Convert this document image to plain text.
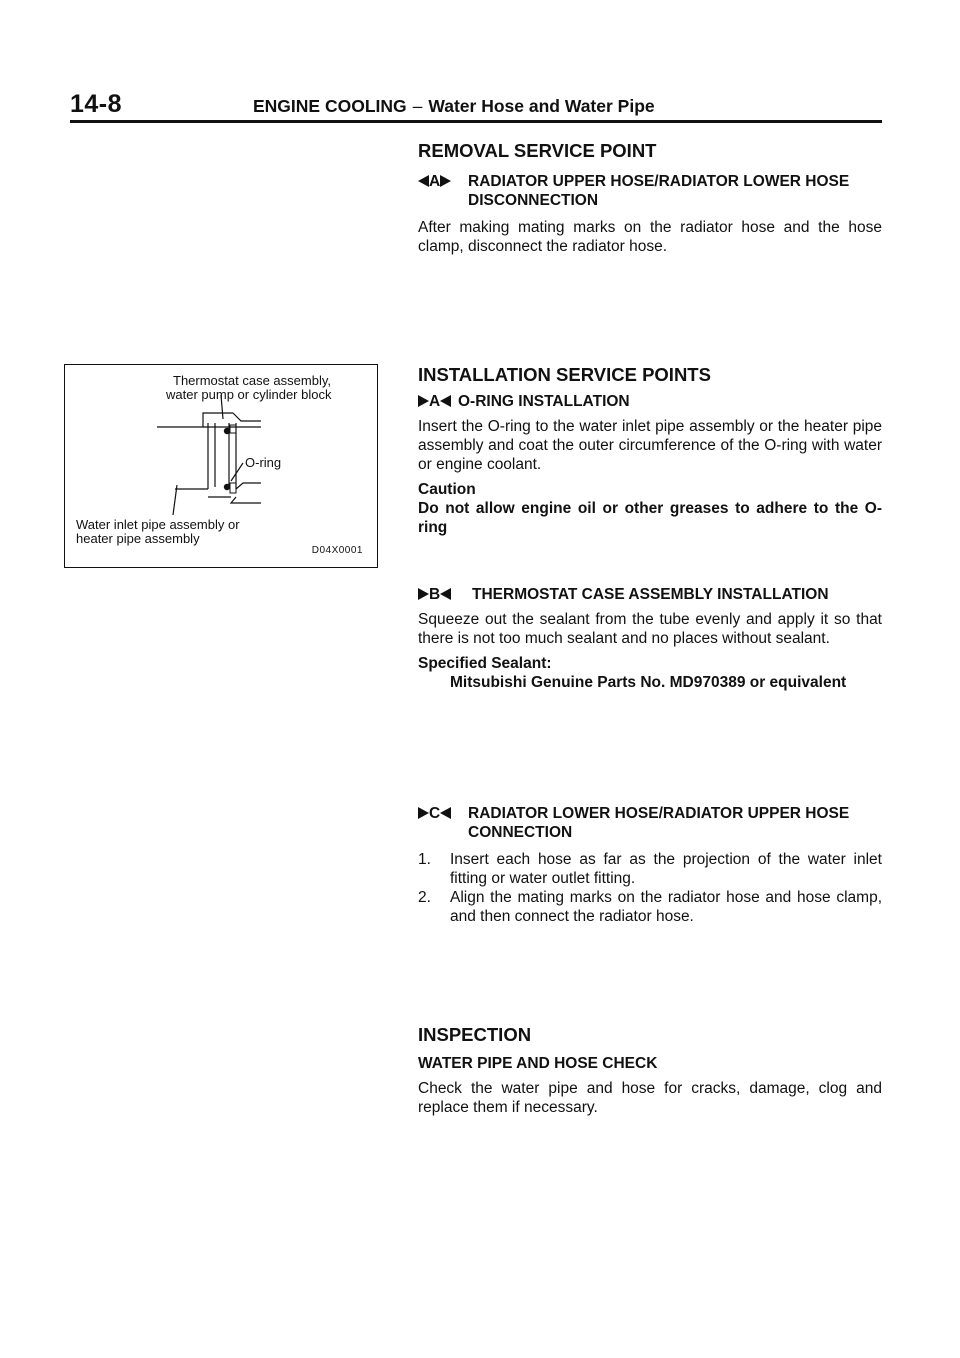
14-8	ENGINE COOLING – Water Hose and Water Pipe
REMOVAL SERVICE POINT
A	RADIATOR UPPER HOSE/RADIATOR LOWER HOSE DISCONNECTION

After making mating marks on the radiator hose and the hose clamp, disconnect the radiator hose.

INSTALLATION SERVICE POINTS
A	O-RING INSTALLATION

Insert the O-ring to the water inlet pipe assembly or the heater pipe assembly and coat the outer circumference of the O-ring with water or engine coolant.

Caution

Do not allow engine oil or other greases to adhere to the O-ring

B	THERMOSTAT CASE ASSEMBLY INSTALLATION

Squeeze out the sealant from the tube evenly and apply it so that there is not too much sealant and no places without sealant.

Specified Sealant:

Mitsubishi Genuine Parts No. MD970389 or equivalent

C	RADIATOR LOWER HOSE/RADIATOR UPPER HOSE CONNECTION
1.	Insert each hose as far as the projection of the water inlet fitting or water outlet fitting.
2.	Align the mating marks on the radiator hose and hose clamp, and then connect the radiator hose.
INSPECTION
WATER PIPE AND HOSE CHECK

Check the water pipe and hose for cracks, damage, clog and replace them if necessary.

Thermostat case assembly,
water pump or cylinder block
O-ring
Water inlet pipe assembly or
heater pipe assembly
D04X0001
